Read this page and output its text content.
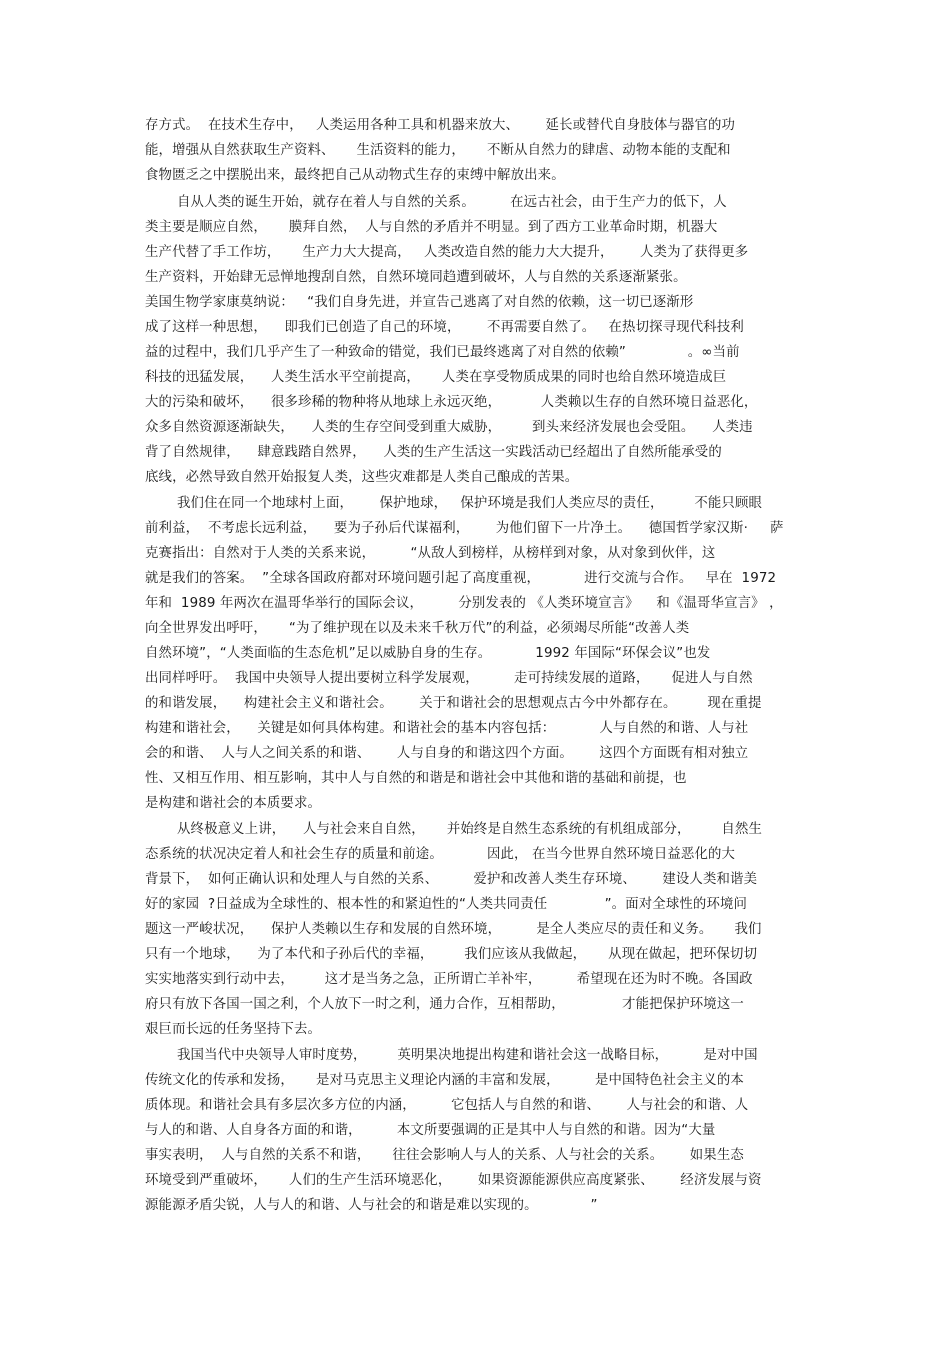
存方式。  在技术生存中，   人类运用各种工具和机器来放大、      延长或替代自身肢体与器官的功
能，增强从自然获取生产资料、     生活资料的能力，     不断从自然力的肆虐、动物本能的支配和
食物匮乏之中摆脱出来，最终把自己从动物式生存的束缚中解放出来。
自从人类的诞生开始，就存在着人与自然的关系。        在远古社会，由于生产力的低下，人
类主要是顺应自然，     膜拜自然，  人与自然的矛盾并不明显。到了西方工业革命时期，机器大
生产代替了手工作坊，     生产力大大提高，   人类改造自然的能力大大提升，      人类为了获得更多
生产资料，开始肆无忌惮地搜刮自然，自然环境同趋遭到破坏，人与自然的关系逐渐紧张。
美国生物学家康莫纳说：   “我们自身先进，并宣告己逃离了对自然的依赖，这一切已逐渐形
成了这样一种思想，    即我们已创造了自己的环境，      不再需要自然了。   在热切探寻现代科技利
益的过程中，我们几乎产生了一种致命的错觉，我们已最终逃离了对自然的依赖”              。∞当前
科技的迅猛发展，    人类生活水平空前提高，     人类在享受物质成果的同时也给自然环境造成巨
大的污染和破坏，    很多珍稀的物种将从地球上永远灭绝，         人类赖以生存的自然环境日益恶化，
众多自然资源逐渐缺失，    人类的生存空间受到重大威胁，       到头来经济发展也会受阻。    人类违
背了自然规律，    肆意践踏自然界，    人类的生产生活这一实践活动已经超出了自然所能承受的
底线，必然导致自然开始报复人类，这些灾难都是人类自己酿成的苦果。
我们住在同一个地球村上面，      保护地球，   保护环境是我们人类应尽的责任，       不能只顾眼
前利益，  不考虑长远利益，    要为子孙后代谋福利，      为他们留下一片净土。    德国哲学家汉斯·     萨
克赛指出：自然对于人类的关系来说，        “从敌人到榜样，从榜样到对象，从对象到伙伴，这
就是我们的答案。  ”全球各国政府都对环境问题引起了高度重视，          进行交流与合作。   早在  1972
年和  1989 年两次在温哥华举行的国际会议，        分别发表的 《人类环境宣言》    和《温哥华宣言》 ，
向全世界发出呼吁，     “为了维护现在以及未来千秋万代”的利益，必须竭尽所能“改善人类
自然环境”，“人类面临的生态危机”足以威胁自身的生存。          1992 年国际“环保会议”也发
出同样呼吁。  我国中央领导人提出要树立科学发展观，        走可持续发展的道路，     促进人与自然
的和谐发展，    构建社会主义和谐社会。      关于和谐社会的思想观点古今中外都存在。       现在重提
构建和谐社会，    关键是如何具体构建。和谐社会的基本内容包括：          人与自然的和谐、人与社
会的和谐、  人与人之间关系的和谐、      人与自身的和谐这四个方面。      这四个方面既有相对独立
性、又相互作用、相互影响，其中人与自然的和谐是和谐社会中其他和谐的基础和前提，也
是构建和谐社会的本质要求。
从终极意义上讲，    人与社会来自自然，     并始终是自然生态系统的有机组成部分，       自然生
态系统的状况决定着人和社会生存的质量和前途。          因此， 在当今世界自然环境日益恶化的大
背景下，  如何正确认识和处理人与自然的关系、        爱护和改善人类生存环境、      建设人类和谐美
好的家园  ?日益成为全球性的、根本性的和紧迫性的“人类共同责任             ”。面对全球性的环境问
题这一严峻状况，    保护人类赖以生存和发展的自然环境，        是全人类应尽的责任和义务。     我们
只有一个地球，    为了本代和子孙后代的幸福，       我们应该从我做起，     从现在做起，把环保切切
实实地落实到行动中去，       这才是当务之急，正所谓亡羊补牢，        希望现在还为时不晚。各国政
府只有放下各国一国之利，个人放下一时之利，通力合作，互相帮助，             才能把保护环境这一
艰巨而长远的任务坚持下去。
我国当代中央领导人审时度势，       英明果决地提出构建和谐社会这一战略目标，        是对中国
传统文化的传承和发扬，     是对马克思主义理论内涵的丰富和发展，        是中国特色社会主义的本
质体现。和谐社会具有多层次多方位的内涵，        它包括人与自然的和谐、      人与社会的和谐、人
与人的和谐、人自身各方面的和谐，        本文所要强调的正是其中人与自然的和谐。因为“大量
事实表明，  人与自然的关系不和谐，     往往会影响人与人的关系、人与社会的关系。      如果生态
环境受到严重破坏，     人们的生产生活环境恶化，      如果资源能源供应高度紧张、      经济发展与资
源能源矛盾尖锐，人与人的和谐、人与社会的和谐是难以实现的。            ”
